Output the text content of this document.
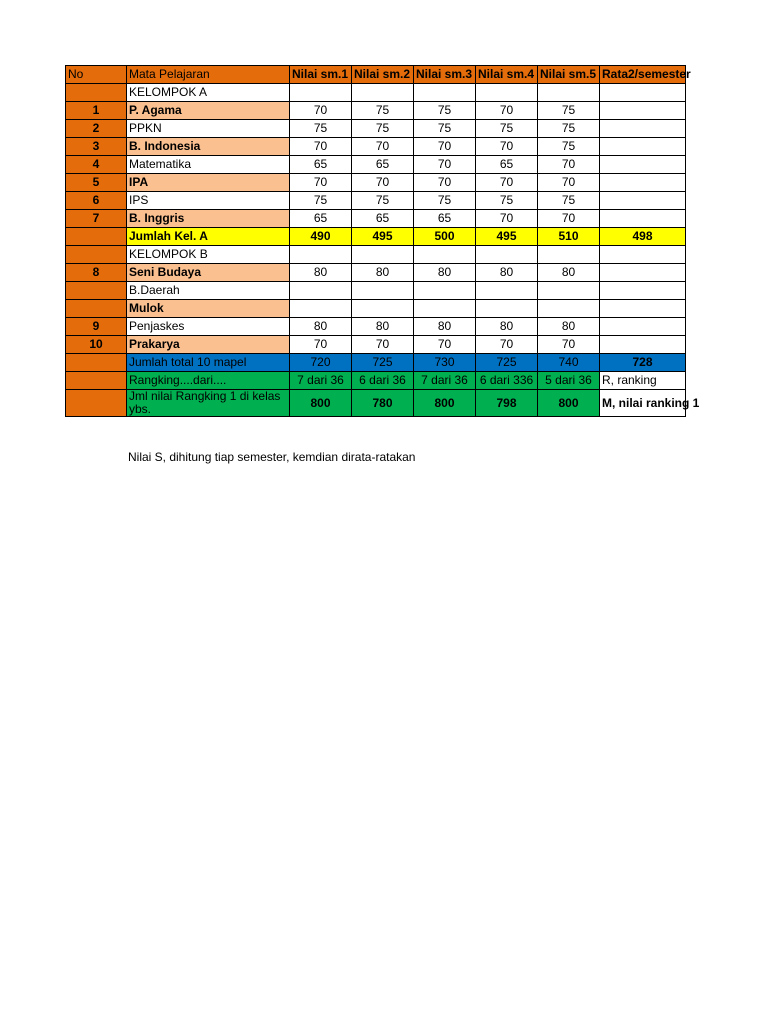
No	Mata Pelajaran	Nilai sm.1	Nilai sm.2	Nilai sm.3	Nilai sm.4	Nilai sm.5	Rata2/semester
	KELOMPOK A						
1	P. Agama	70	75	75	70	75	
2	PPKN	75	75	75	75	75	
3	B. Indonesia	70	70	70	70	75	
4	Matematika	65	65	70	65	70	
5	IPA	70	70	70	70	70	
6	IPS	75	75	75	75	75	
7	B. Inggris	65	65	65	70	70	
	Jumlah Kel. A	490	495	500	495	510	498
	KELOMPOK B						
8	Seni Budaya	80	80	80	80	80	
	B.Daerah						
	Mulok						
9	Penjaskes	80	80	80	80	80	
10	Prakarya	70	70	70	70	70	
	Jumlah total 10 mapel	720	725	730	725	740	728
	Rangking....dari....	7 dari 36	6 dari 36	7 dari 36	6 dari 336	5 dari 36	R, ranking
	Jml nilai Rangking 1 di kelas ybs.	800	780	800	798	800	M, nilai ranking 1
Nilai S, dihitung tiap semester, kemdian dirata-ratakan
